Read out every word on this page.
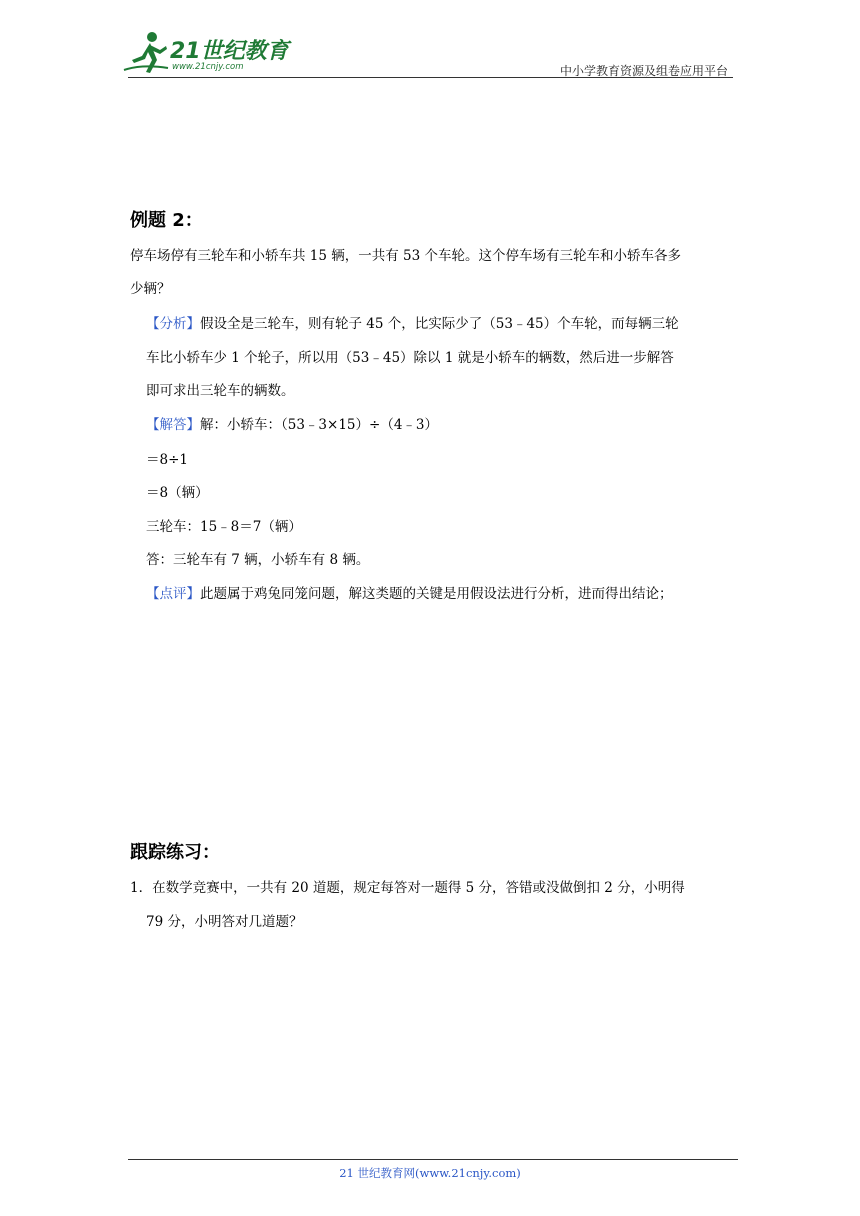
21世纪教育
www.21cnjy.com	中小学教育资源及组卷应用平台
例题 2：
停车场停有三轮车和小轿车共 15 辆，一共有 53 个车轮。这个停车场有三轮车和小轿车各多
少辆？
【分析】假设全是三轮车，则有轮子 45 个，比实际少了（53﹣45）个车轮，而每辆三轮
车比小轿车少 1 个轮子，所以用（53﹣45）除以 1 就是小轿车的辆数，然后进一步解答
即可求出三轮车的辆数。
【解答】解：小轿车：（53﹣3×15）÷（4﹣3）
＝8÷1
＝8（辆）
三轮车：15﹣8＝7（辆）
答：三轮车有 7 辆，小轿车有 8 辆。
【点评】此题属于鸡兔同笼问题，解这类题的关键是用假设法进行分析，进而得出结论；
跟踪练习：
1．在数学竞赛中，一共有 20 道题，规定每答对一题得 5 分，答错或没做倒扣 2 分，小明得
79 分，小明答对几道题？
21 世纪教育网(www.21cnjy.com)
